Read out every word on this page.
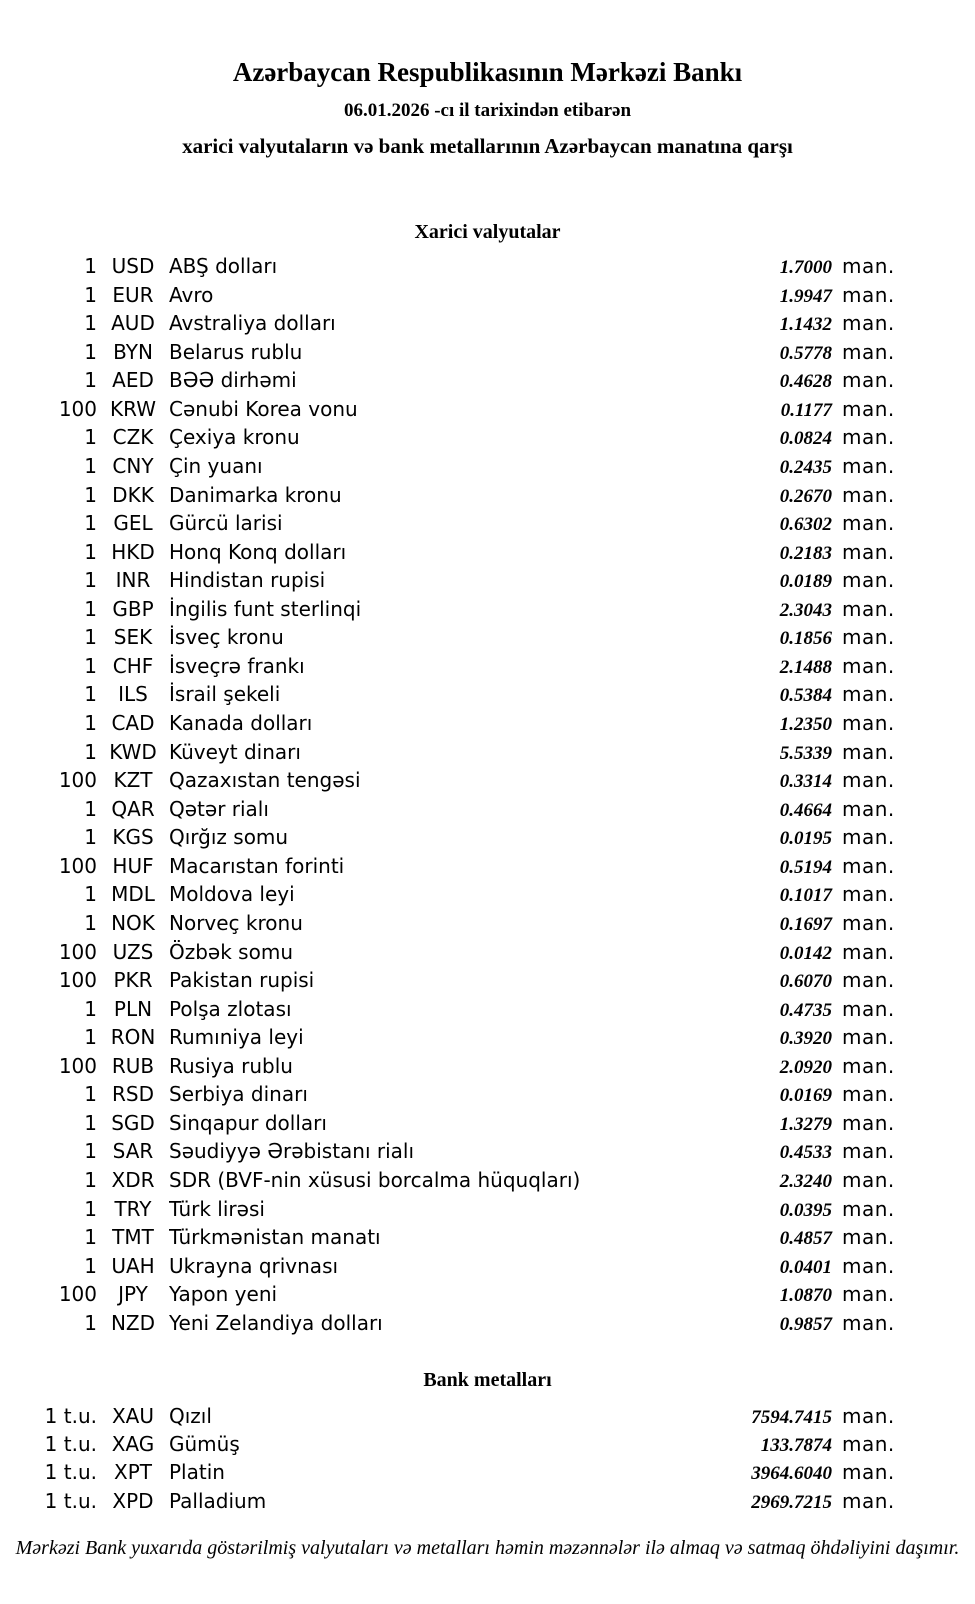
Azərbaycan Respublikasının Mərkəzi Bankı
06.01.2026 -cı il tarixindən etibarən
xarici valyutaların və bank metallarının Azərbaycan manatına qarşı
Xarici valyutalar
1 USD ABŞ dolları	1.7000 man.
1 EUR Avro	1.9947 man.
1 AUD Avstraliya dolları	1.1432 man.
1 BYN Belarus rublu	0.5778 man.
1 AED BƏƏ dirhəmi	0.4628 man.
100 KRW Cənubi Korea vonu	0.1177 man.
1 CZK Çexiya kronu	0.0824 man.
1 CNY Çin yuanı	0.2435 man.
1 DKK Danimarka kronu	0.2670 man.
1 GEL Gürcü larisi	0.6302 man.
1 HKD Honq Konq dolları	0.2183 man.
1 INR Hindistan rupisi	0.0189 man.
1 GBP İngilis funt sterlinqi	2.3043 man.
1 SEK İsveç kronu	0.1856 man.
1 CHF İsveçrə frankı	2.1488 man.
1	ILS	İsrail şekeli	0.5384 man.
1 CAD Kanada dolları	1.2350 man.
1 KWD Küveyt dinarı	5.5339 man.
100 KZT Qazaxıstan tengəsi	0.3314 man.
1 QAR Qətər rialı	0.4664 man.
1 KGS Qırğız somu	0.0195 man.
100 HUF Macarıstan forinti	0.5194 man.
1 MDL Moldova leyi	0.1017 man.
1 NOK Norveç kronu	0.1697 man.
100 UZS Özbək somu	0.0142 man.
100 PKR Pakistan rupisi	0.6070 man.
1 PLN Polşa zlotası	0.4735 man.
1 RON Rumıniya leyi	0.3920 man.
100 RUB Rusiya rublu	2.0920 man.
1 RSD Serbiya dinarı	0.0169 man.
1 SGD Sinqapur dolları	1.3279 man.
1 SAR Səudiyyə Ərəbistanı rialı	0.4533 man.
1 XDR SDR (BVF-nin xüsusi borcalma hüquqları)	2.3240 man.
1 TRY Türk lirəsi	0.0395 man.
1 TMT Türkmənistan manatı	0.4857 man.
1 UAH Ukrayna qrivnası	0.0401 man.
100	JPY	Yapon yeni	1.0870 man.
1 NZD Yeni Zelandiya dolları	0.9857 man.
Bank metalları
1 t.u. XAU Qızıl	7594.7415 man.
1 t.u. XAG Gümüş	133.7874 man.
1 t.u. XPT Platin	3964.6040 man.
1 t.u. XPD Palladium	2969.7215 man.
Mərkəzi Bank yuxarıda göstərilmiş valyutaları və metalları həmin məzənnələr ilə almaq və satmaq öhdəliyini daşımır.
